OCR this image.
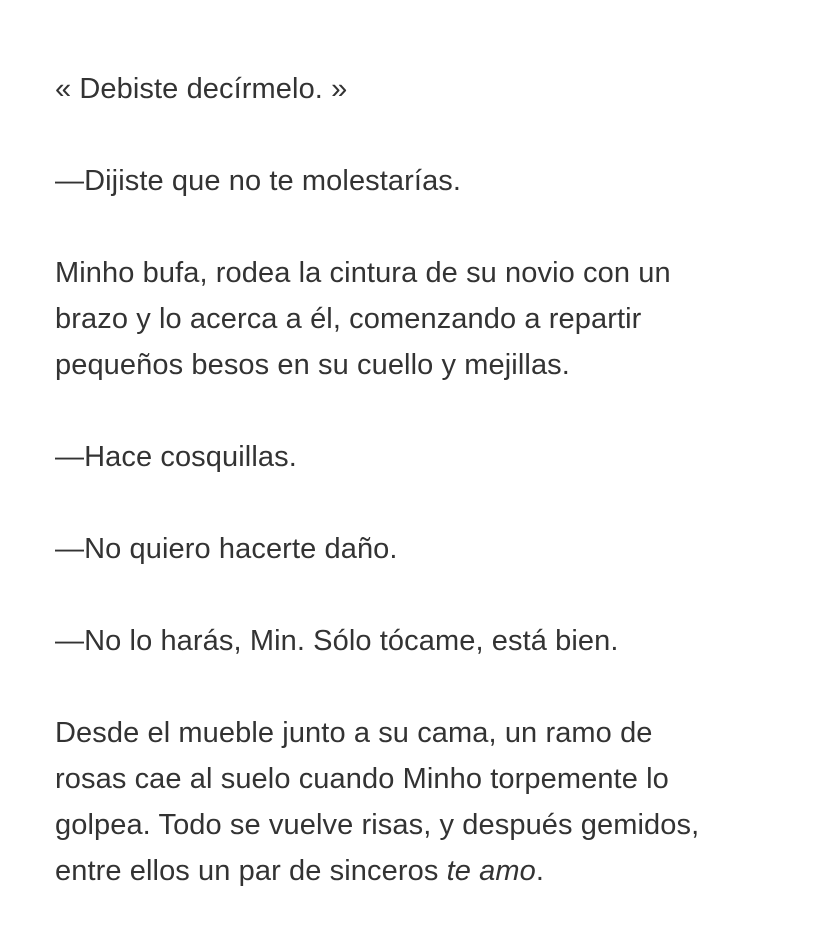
« Debiste decírmelo. »

—Dijiste que no te molestarías.

Minho bufa, rodea la cintura de su novio con un
brazo y lo acerca a él, comenzando a repartir
pequeños besos en su cuello y mejillas.

—Hace cosquillas.

—No quiero hacerte daño.

—No lo harás, Min. Sólo tócame, está bien.

Desde el mueble junto a su cama, un ramo de
rosas cae al suelo cuando Minho torpemente lo
golpea. Todo se vuelve risas, y después gemidos,
entre ellos un par de sinceros te amo.
